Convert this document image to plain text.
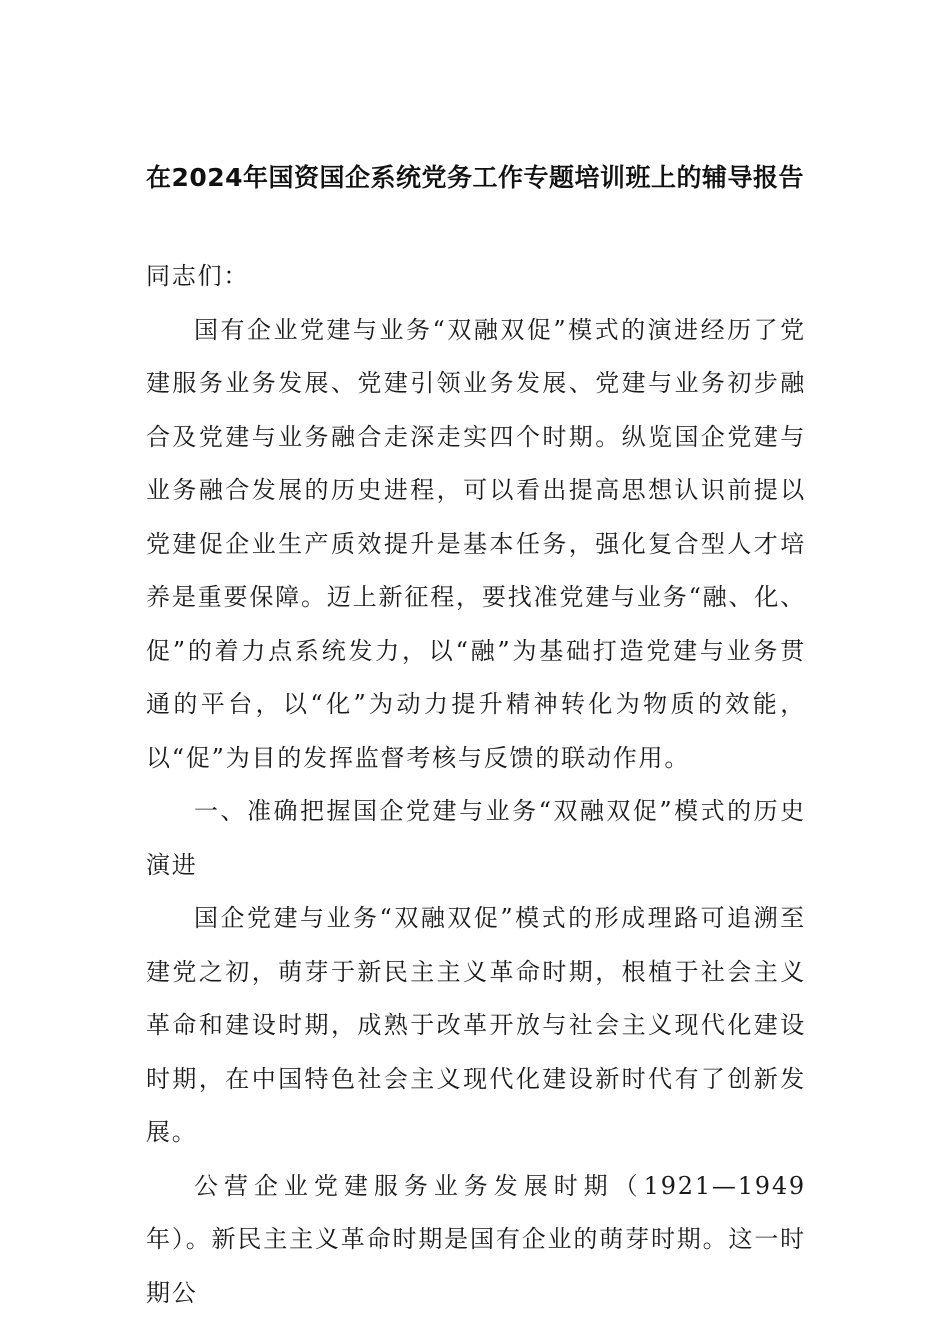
在2024年国资国企系统党务工作专题培训班上的辅导报告

同志们：

国有企业党建与业务“双融双促”模式的演进经历了党建服务业务发展、党建引领业务发展、党建与业务初步融合及党建与业务融合走深走实四个时期。纵览国企党建与业务融合发展的历史进程，可以看出提高思想认识前提以党建促企业生产质效提升是基本任务，强化复合型人才培养是重要保障。迈上新征程，要找准党建与业务“融、化、促”的着力点系统发力，以“融”为基础打造党建与业务贯通的平台，以“化”为动力提升精神转化为物质的效能，以“促”为目的发挥监督考核与反馈的联动作用。

一、准确把握国企党建与业务“双融双促”模式的历史演进

国企党建与业务“双融双促”模式的形成理路可追溯至建党之初，萌芽于新民主主义革命时期，根植于社会主义革命和建设时期，成熟于改革开放与社会主义现代化建设时期，在中国特色社会主义现代化建设新时代有了创新发展。

公营企业党建服务业务发展时期（1921—1949年）。新民主主义革命时期是国有企业的萌芽时期。这一时期公
